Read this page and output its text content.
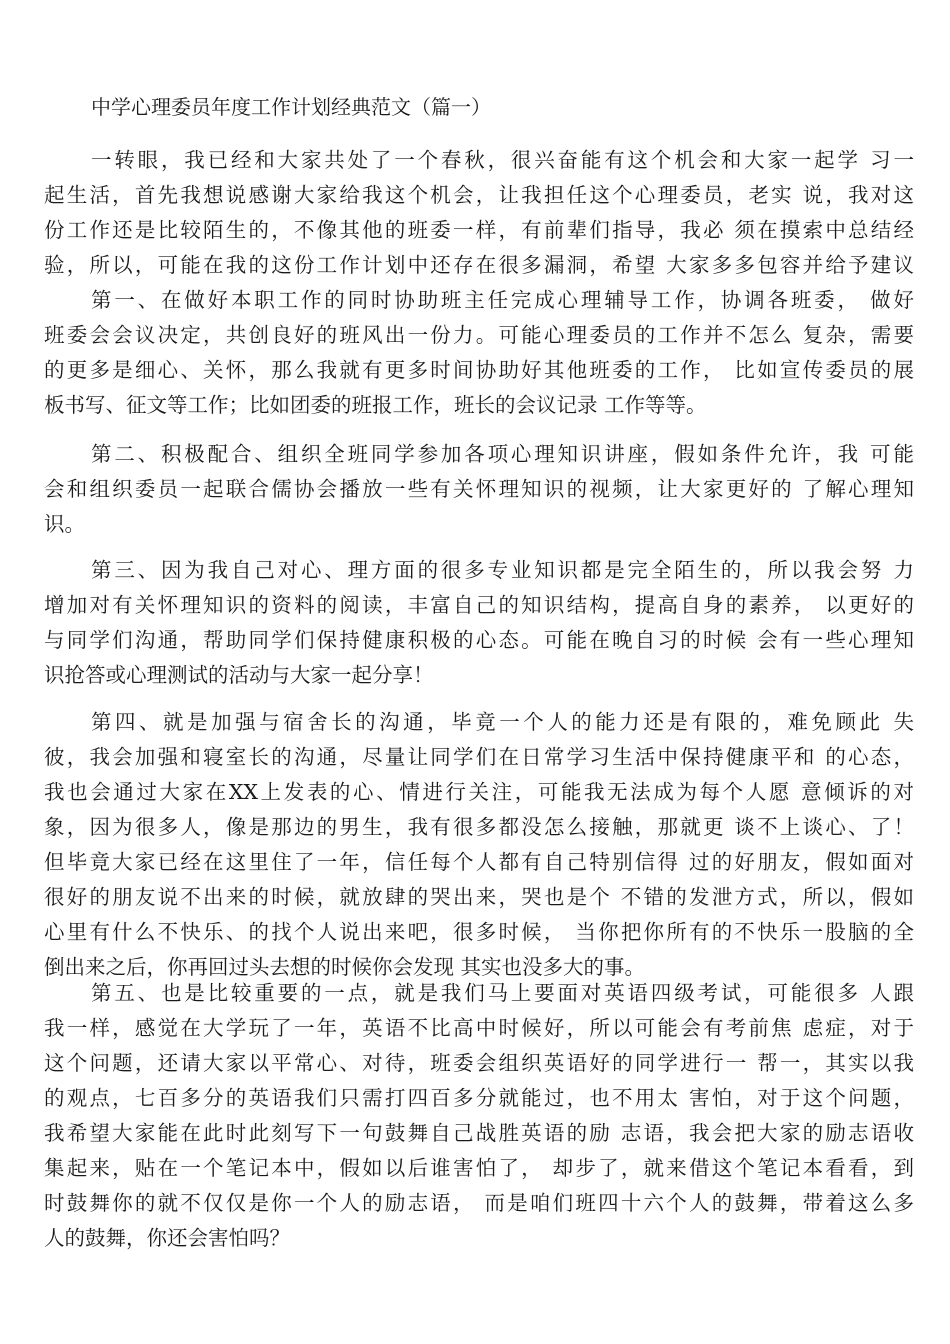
中学心理委员年度工作计划经典范文（篇一）
一转眼，我已经和大家共处了一个春秋，很兴奋能有这个机会和大家一起学 习一
起生活，首先我想说感谢大家给我这个机会，让我担任这个心理委员，老实 说，我对这
份工作还是比较陌生的，不像其他的班委一样，有前辈们指导，我必 须在摸索中总结经
验，所以，可能在我的这份工作计划中还存在很多漏洞，希望 大家多多包容并给予建议
第一、在做好本职工作的同时协助班主任完成心理辅导工作，协调各班委， 做好
班委会会议决定，共创良好的班风出一份力。可能心理委员的工作并不怎么 复杂，需要
的更多是细心、关怀，那么我就有更多时间协助好其他班委的工作， 比如宣传委员的展
板书写、征文等工作；比如团委的班报工作，班长的会议记录 工作等等。
第二、积极配合、组织全班同学参加各项心理知识讲座，假如条件允许，我 可能
会和组织委员一起联合儒协会播放一些有关怀理知识的视频，让大家更好的 了解心理知
识。
第三、因为我自己对心、理方面的很多专业知识都是完全陌生的，所以我会努 力
增加对有关怀理知识的资料的阅读，丰富自己的知识结构，提高自身的素养， 以更好的
与同学们沟通，帮助同学们保持健康积极的心态。可能在晚自习的时候 会有一些心理知
识抢答或心理测试的活动与大家一起分享！
第四、就是加强与宿舍长的沟通，毕竟一个人的能力还是有限的，难免顾此 失
彼，我会加强和寝室长的沟通，尽量让同学们在日常学习生活中保持健康平和 的心态，
我也会通过大家在XX上发表的心、情进行关注，可能我无法成为每个人愿 意倾诉的对
象，因为很多人，像是那边的男生，我有很多都没怎么接触，那就更 谈不上谈心、了！
但毕竟大家已经在这里住了一年，信任每个人都有自己特别信得 过的好朋友，假如面对
很好的朋友说不出来的时候，就放肆的哭出来，哭也是个 不错的发泄方式，所以，假如
心里有什么不快乐、的找个人说出来吧，很多时候， 当你把你所有的不快乐一股脑的全
倒出来之后，你再回过头去想的时候你会发现 其实也没多大的事。
第五、也是比较重要的一点，就是我们马上要面对英语四级考试，可能很多 人跟
我一样，感觉在大学玩了一年，英语不比高中时候好，所以可能会有考前焦 虑症，对于
这个问题，还请大家以平常心、对待，班委会组织英语好的同学进行一 帮一，其实以我
的观点，七百多分的英语我们只需打四百多分就能过，也不用太 害怕，对于这个问题，
我希望大家能在此时此刻写下一句鼓舞自己战胜英语的励 志语，我会把大家的励志语收
集起来，贴在一个笔记本中，假如以后谁害怕了， 却步了，就来借这个笔记本看看，到
时鼓舞你的就不仅仅是你一个人的励志语， 而是咱们班四十六个人的鼓舞，带着这么多
人的鼓舞，你还会害怕吗？
